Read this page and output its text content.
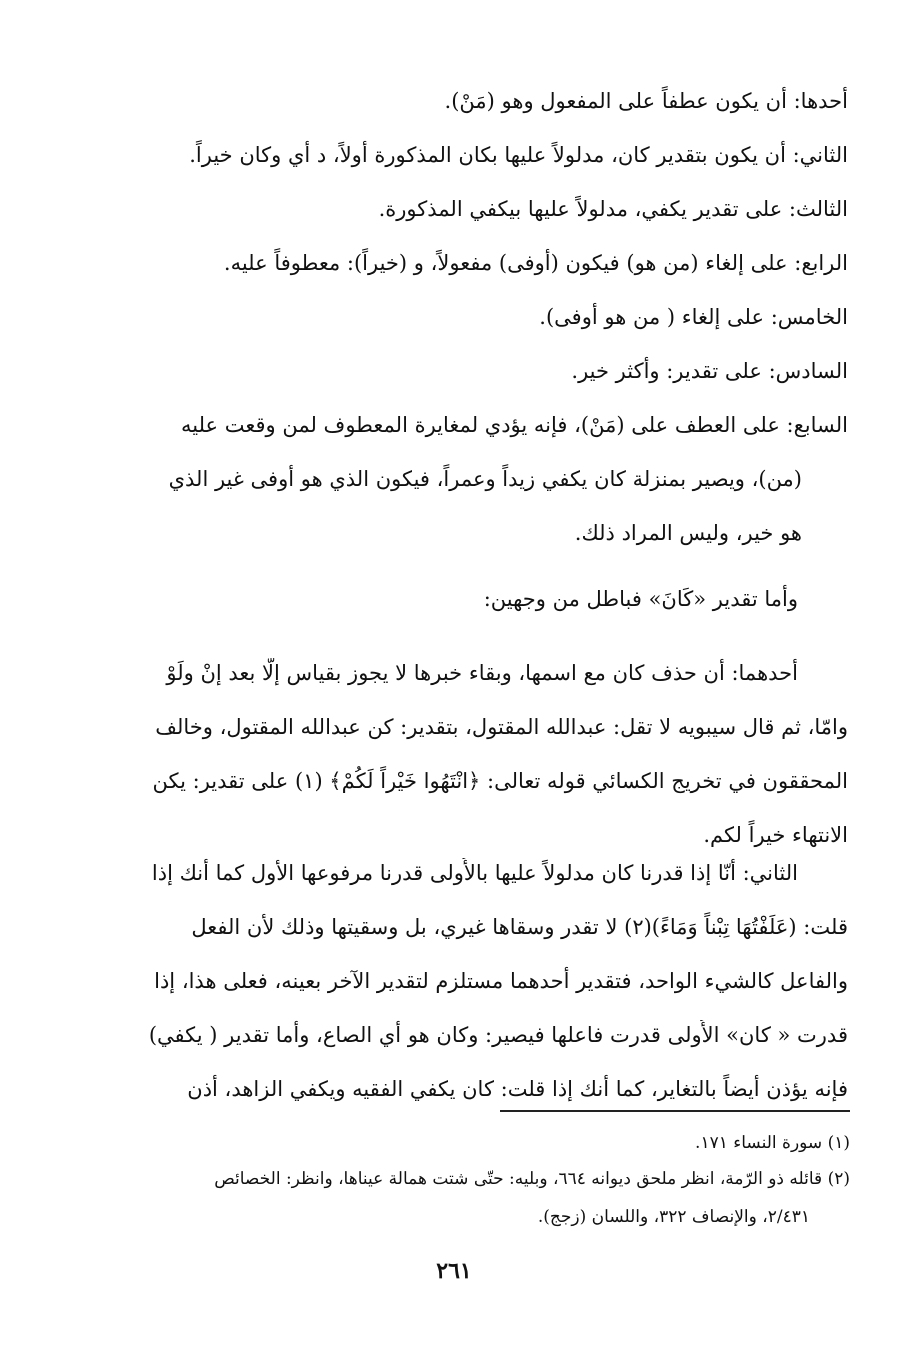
أحدها: أن يكون عطفاً على المفعول وهو (مَنْ).
الثاني: أن يكون بتقدير كان، مدلولاً عليها بكان المذكورة أولاً، د أي وكان خيراً.
الثالث: على تقدير يكفي، مدلولاً عليها بيكفي المذكورة.
الرابع: على إلغاء (من هو) فيكون (أوفى) مفعولاً، و (خيراً): معطوفاً عليه.
الخامس: على إلغاء ( من هو أوفى).
السادس: على تقدير: وأكثر خير.
السابع: على العطف على (مَنْ)، فإنه يؤدي لمغايرة المعطوف لمن وقعت عليه
(من)، ويصير بمنزلة كان يكفي زيداً وعمراً، فيكون الذي هو أوفى غير الذي
هو خير، وليس المراد ذلك.
وأما تقدير «كَانَ» فباطل من وجهين:
أحدهما: أن حذف كان مع اسمها، وبقاء خبرها لا يجوز بقياس إلّا بعد إنْ ولَوْ
وامّا، ثم قال سيبويه لا تقل: عبدالله المقتول، بتقدير: كن عبدالله المقتول، وخالف
المحققون في تخريج الكسائي قوله تعالى: ﴿انْتَهُوا خَيْراً لَكُمْ﴾ (١) على تقدير: يكن
الانتهاء خيراً لكم.
الثاني: أنّا إذا قدرنا كان مدلولاً عليها بالأُولى قدرنا مرفوعها الأول كما أنك إذا
قلت: (عَلَفْتُهَا تِبْناً وَمَاءً)(٢) لا تقدر وسقاها غيري، بل وسقيتها وذلك لأن الفعل
والفاعل كالشيء الواحد، فتقدير أحدهما مستلزم لتقدير الآخر بعينه، فعلى هذا، إذا
قدرت « كان» الأُولى قدرت فاعلها فيصير: وكان هو أي الصاع، وأما تقدير ( يكفي)
فإنه يؤذن أيضاً بالتغاير، كما أنك إذا قلت: كان يكفي الفقيه ويكفي الزاهد، أذن
(١) سورة النساء ١٧١.
(٢) قائله ذو الرّمة، انظر ملحق ديوانه ٦٦٤، وبليه: حتّى شتت همالة عيناها، وانظر: الخصائص
٢/٤٣١، والإنصاف ٣٢٢، واللسان (زجج).
٢٦١
